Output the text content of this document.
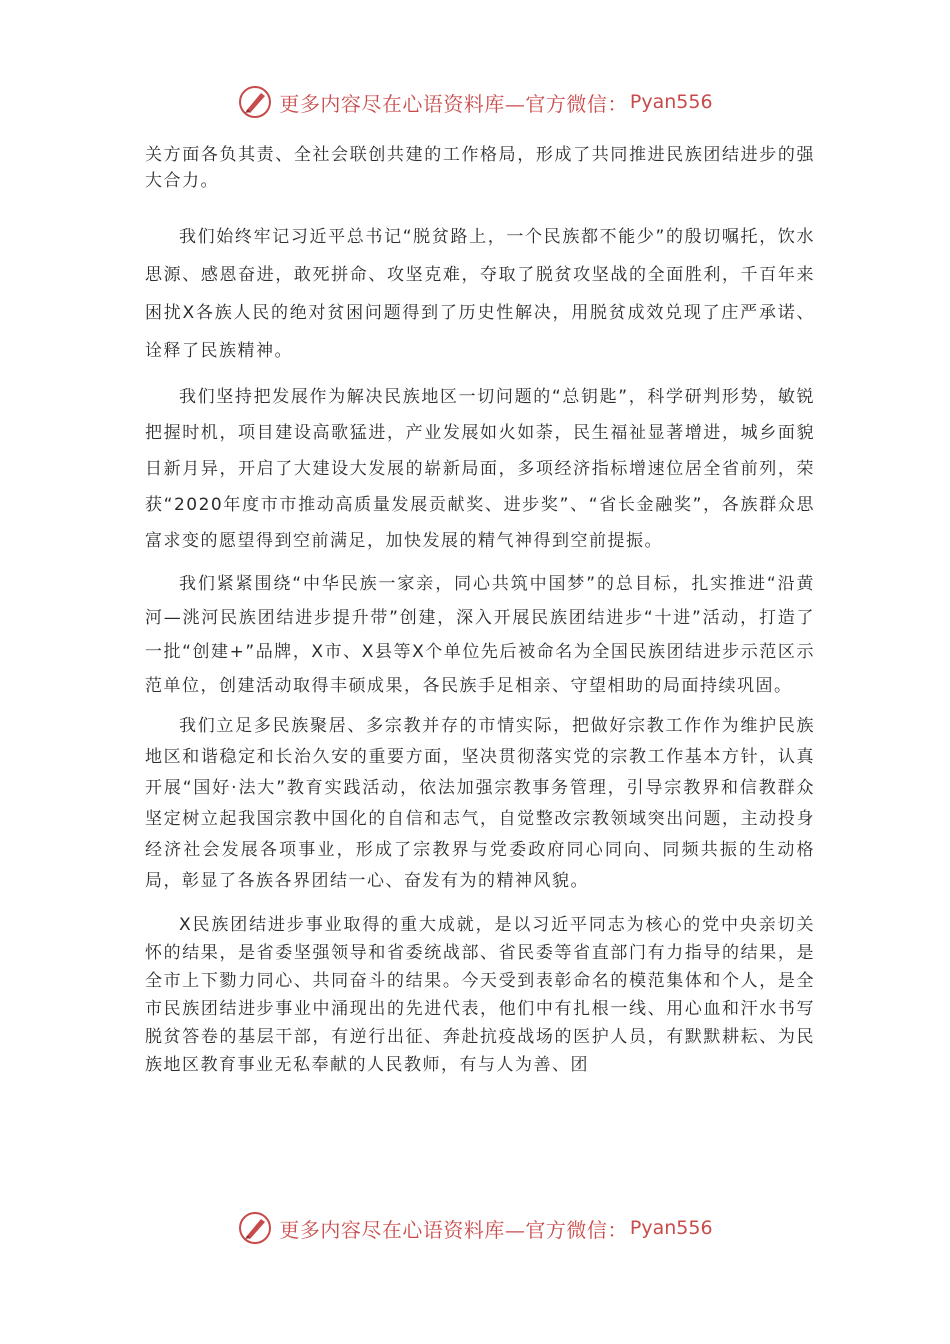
更多内容尽在心语资料库—官方微信： Pyan556

关方面各负其责、全社会联创共建的工作格局，形成了共同推进民族团结进步的强大合力。

我们始终牢记习近平总书记“脱贫路上，一个民族都不能少”的殷切嘱托，饮水思源、感恩奋进，敢死拼命、攻坚克难，夺取了脱贫攻坚战的全面胜利，千百年来困扰X各族人民的绝对贫困问题得到了历史性解决，用脱贫成效兑现了庄严承诺、诠释了民族精神。

我们坚持把发展作为解决民族地区一切问题的“总钥匙”，科学研判形势，敏锐把握时机，项目建设高歌猛进，产业发展如火如荼，民生福祉显著增进，城乡面貌日新月异，开启了大建设大发展的崭新局面，多项经济指标增速位居全省前列，荣获“2020年度市市推动高质量发展贡献奖、进步奖”、“省长金融奖”，各族群众思富求变的愿望得到空前满足，加快发展的精气神得到空前提振。

我们紧紧围绕“中华民族一家亲，同心共筑中国梦”的总目标，扎实推进“沿黄河—洮河民族团结进步提升带”创建，深入开展民族团结进步“十进”活动，打造了一批“创建+”品牌，X市、X县等X个单位先后被命名为全国民族团结进步示范区示范单位，创建活动取得丰硕成果，各民族手足相亲、守望相助的局面持续巩固。

我们立足多民族聚居、多宗教并存的市情实际，把做好宗教工作作为维护民族地区和谐稳定和长治久安的重要方面，坚决贯彻落实党的宗教工作基本方针，认真开展“国好·法大”教育实践活动，依法加强宗教事务管理，引导宗教界和信教群众坚定树立起我国宗教中国化的自信和志气，自觉整改宗教领域突出问题，主动投身经济社会发展各项事业，形成了宗教界与党委政府同心同向、同频共振的生动格局，彰显了各族各界团结一心、奋发有为的精神风貌。

X民族团结进步事业取得的重大成就，是以习近平同志为核心的党中央亲切关怀的结果，是省委坚强领导和省委统战部、省民委等省直部门有力指导的结果，是全市上下勠力同心、共同奋斗的结果。今天受到表彰命名的模范集体和个人，是全市民族团结进步事业中涌现出的先进代表，他们中有扎根一线、用心血和汗水书写脱贫答卷的基层干部，有逆行出征、奔赴抗疫战场的医护人员，有默默耕耘、为民族地区教育事业无私奉献的人民教师，有与人为善、团

更多内容尽在心语资料库—官方微信： Pyan556
